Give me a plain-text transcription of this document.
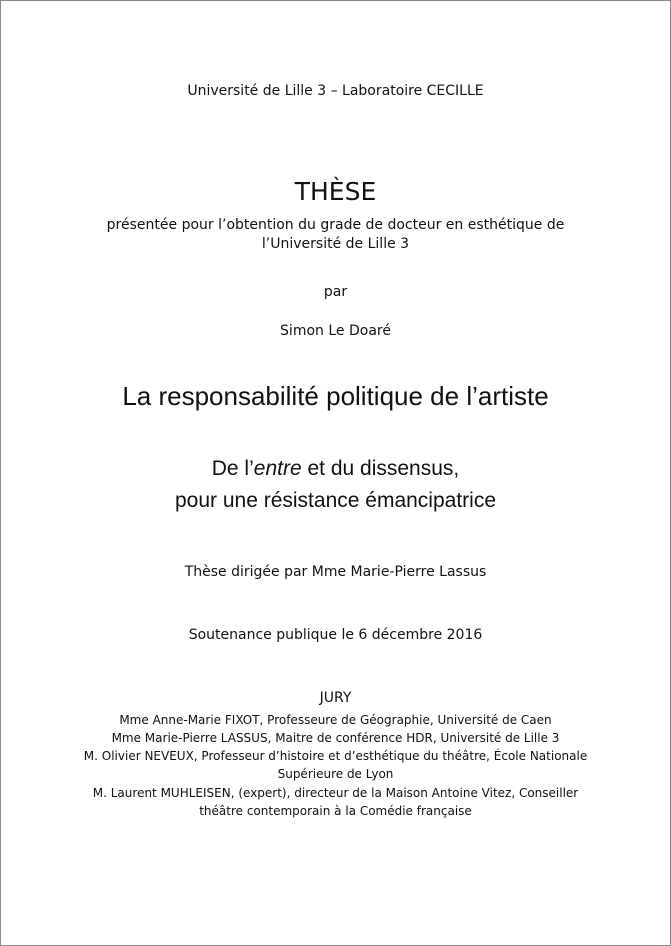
Université de Lille 3 – Laboratoire CECILLE
THÈSE
présentée pour l’obtention du grade de docteur en esthétique de
l’Université de Lille 3
par
Simon Le Doaré
La responsabilité politique de l’artiste
De l’entre et du dissensus,
pour une résistance émancipatrice
Thèse dirigée par Mme Marie-Pierre Lassus
Soutenance publique le 6 décembre 2016
JURY
Mme Anne-Marie FIXOT, Professeure de Géographie, Université de Caen
Mme Marie-Pierre LASSUS, Maitre de conférence HDR, Université de Lille 3
M. Olivier NEVEUX, Professeur d’histoire et d’esthétique du théâtre, École Nationale
Supérieure de Lyon
M. Laurent MUHLEISEN, (expert), directeur de la Maison Antoine Vitez, Conseiller
théâtre contemporain à la Comédie française
